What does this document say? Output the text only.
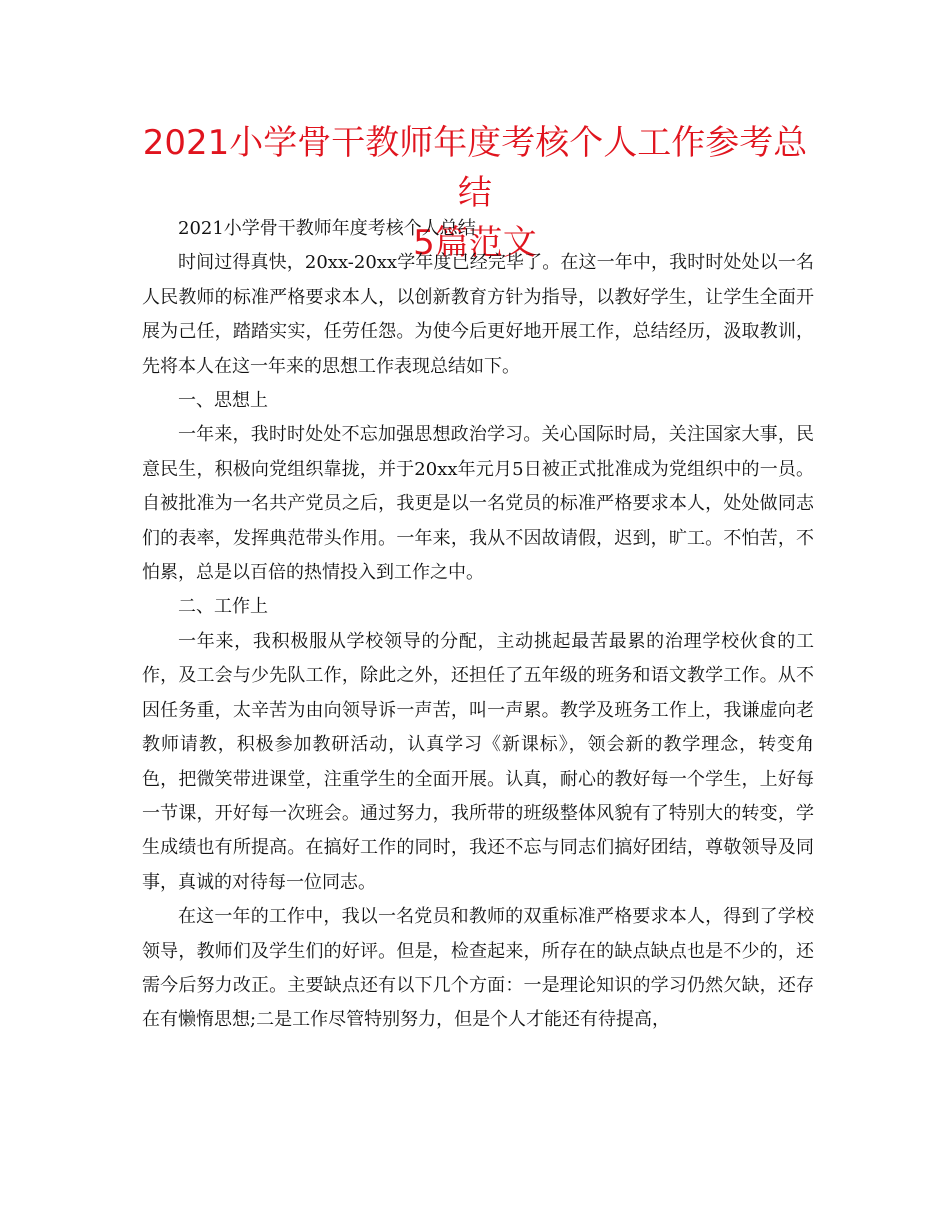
2021小学骨干教师年度考核个人工作参考总结
5篇范文

2021小学骨干教师年度考核个人总结

时间过得真快，20xx-20xx学年度已经完毕了。在这一年中，我时时处处以一名人民教师的标准严格要求本人，以创新教育方针为指导，以教好学生，让学生全面开展为己任，踏踏实实，任劳任怨。为使今后更好地开展工作，总结经历，汲取教训，先将本人在这一年来的思想工作表现总结如下。

一、思想上

一年来，我时时处处不忘加强思想政治学习。关心国际时局，关注国家大事，民意民生，积极向党组织靠拢，并于20xx年元月5日被正式批准成为党组织中的一员。自被批准为一名共产党员之后，我更是以一名党员的标准严格要求本人，处处做同志们的表率，发挥典范带头作用。一年来，我从不因故请假，迟到，旷工。不怕苦，不怕累，总是以百倍的热情投入到工作之中。

二、工作上

一年来，我积极服从学校领导的分配，主动挑起最苦最累的治理学校伙食的工作，及工会与少先队工作，除此之外，还担任了五年级的班务和语文教学工作。从不因任务重，太辛苦为由向领导诉一声苦，叫一声累。教学及班务工作上，我谦虚向老教师请教，积极参加教研活动，认真学习《新课标》，领会新的教学理念，转变角色，把微笑带进课堂，注重学生的全面开展。认真，耐心的教好每一个学生，上好每一节课，开好每一次班会。通过努力，我所带的班级整体风貌有了特别大的转变，学生成绩也有所提高。在搞好工作的同时，我还不忘与同志们搞好团结，尊敬领导及同事，真诚的对待每一位同志。

在这一年的工作中，我以一名党员和教师的双重标准严格要求本人，得到了学校领导，教师们及学生们的好评。但是，检查起来，所存在的缺点缺点也是不少的，还需今后努力改正。主要缺点还有以下几个方面：一是理论知识的学习仍然欠缺，还存在有懒惰思想;二是工作尽管特别努力，但是个人才能还有待提高，
